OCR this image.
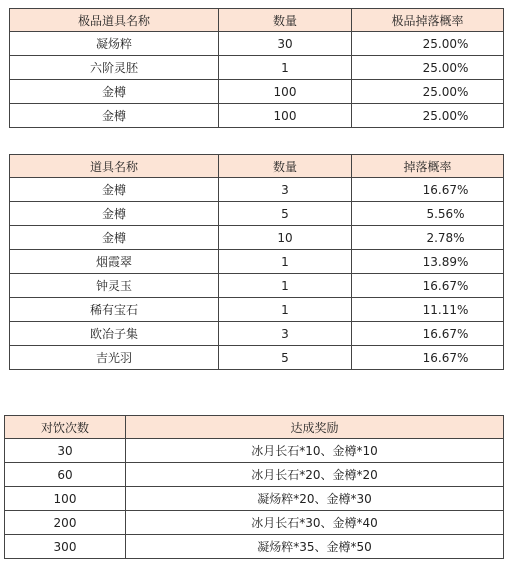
极品道具名称	数量	极品掉落概率
凝炀粹	30	25.00%
六阶灵胚	1	25.00%
金樽	100	25.00%
金樽	100	25.00%
道具名称	数量	掉落概率
金樽	3	16.67%
金樽	5	5.56%
金樽	10	2.78%
烟霞翠	1	13.89%
钟灵玉	1	16.67%
稀有宝石	1	11.11%
欧冶子集	3	16.67%
吉光羽	5	16.67%
对饮次数	达成奖励
30	冰月长石*10、金樽*10
60	冰月长石*20、金樽*20
100	凝炀粹*20、金樽*30
200	冰月长石*30、金樽*40
300	凝炀粹*35、金樽*50
